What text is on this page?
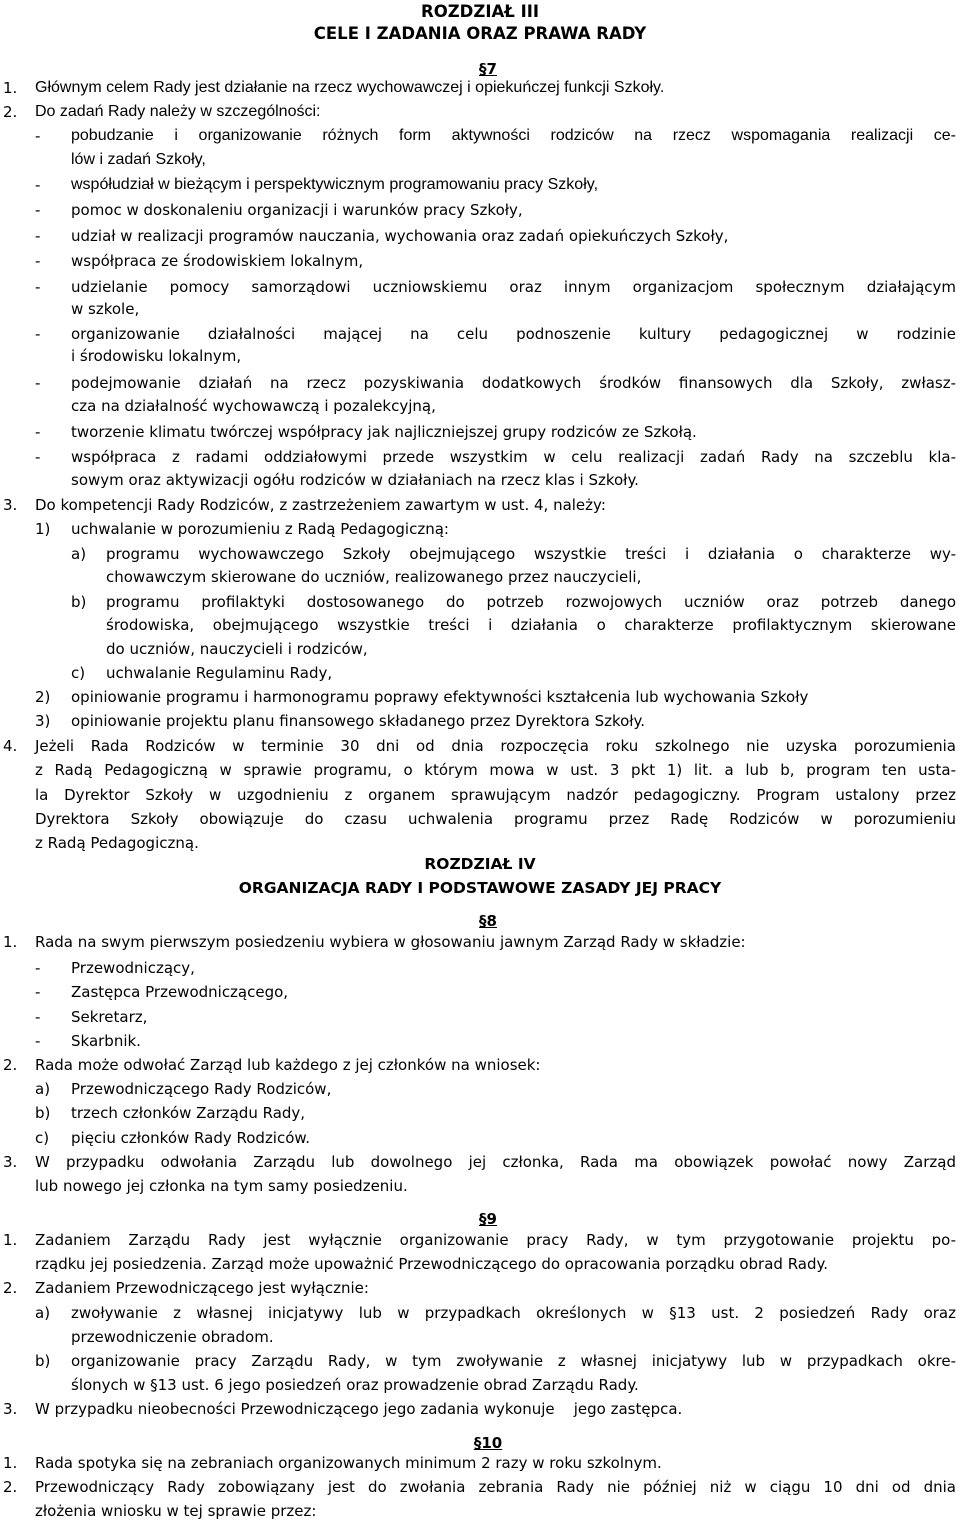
ROZDZIAŁ III
CELE I ZADANIA ORAZ PRAWA RADY
§7
1. Głównym celem Rady jest działanie na rzecz wychowawczej i opiekuńczej funkcji Szkoły.
2. Do zadań Rady należy w szczególności:
- pobudzanie i organizowanie różnych form aktywności rodziców na rzecz wspomagania realizacji ce-
lów i zadań Szkoły,
- współudział w bieżącym i perspektywicznym programowaniu pracy Szkoły,
- pomoc w doskonaleniu organizacji i warunków pracy Szkoły,
- udział w realizacji programów nauczania, wychowania oraz zadań opiekuńczych Szkoły,
- współpraca ze środowiskiem lokalnym,
- udzielanie pomocy samorządowi uczniowskiemu oraz innym organizacjom społecznym działającym
w szkole,
- organizowanie działalności mającej na celu podnoszenie kultury pedagogicznej w rodzinie
i środowisku lokalnym,
- podejmowanie działań na rzecz pozyskiwania dodatkowych środków finansowych dla Szkoły, zwłasz-
cza na działalność wychowawczą i pozalekcyjną,
- tworzenie klimatu twórczej współpracy jak najliczniejszej grupy rodziców ze Szkołą.
- współpraca z radami oddziałowymi przede wszystkim w celu realizacji zadań Rady na szczeblu kla-
sowym oraz aktywizacji ogółu rodziców w działaniach na rzecz klas i Szkoły.
3. Do kompetencji Rady Rodziców, z zastrzeżeniem zawartym w ust. 4, należy:
1) uchwalanie w porozumieniu z Radą Pedagogiczną:
a) programu wychowawczego Szkoły obejmującego wszystkie treści i działania o charakterze wy-
chowawczym skierowane do uczniów, realizowanego przez nauczycieli,
b) programu profilaktyki dostosowanego do potrzeb rozwojowych uczniów oraz potrzeb danego
środowiska, obejmującego wszystkie treści i działania o charakterze profilaktycznym skierowane
do uczniów, nauczycieli i rodziców,
c) uchwalanie Regulaminu Rady,
2) opiniowanie programu i harmonogramu poprawy efektywności kształcenia lub wychowania Szkoły
3) opiniowanie projektu planu finansowego składanego przez Dyrektora Szkoły.
4. Jeżeli Rada Rodziców w terminie 30 dni od dnia rozpoczęcia roku szkolnego nie uzyska porozumienia
z Radą Pedagogiczną w sprawie programu, o którym mowa w ust. 3 pkt 1) lit. a lub b, program ten usta-
la Dyrektor Szkoły w uzgodnieniu z organem sprawującym nadzór pedagogiczny. Program ustalony przez
Dyrektora Szkoły obowiązuje do czasu uchwalenia programu przez Radę Rodziców w porozumieniu
z Radą Pedagogiczną.
ROZDZIAŁ IV
ORGANIZACJA RADY I PODSTAWOWE ZASADY JEJ PRACY
§8
1. Rada na swym pierwszym posiedzeniu wybiera w głosowaniu jawnym Zarząd Rady w składzie:
- Przewodniczący,
- Zastępca Przewodniczącego,
- Sekretarz,
- Skarbnik.
2. Rada może odwołać Zarząd lub każdego z jej członków na wniosek:
a) Przewodniczącego Rady Rodziców,
b) trzech członków Zarządu Rady,
c) pięciu członków Rady Rodziców.
3. W przypadku odwołania Zarządu lub dowolnego jej członka, Rada ma obowiązek powołać nowy Zarząd
lub nowego jej członka na tym samy posiedzeniu.
§9
1. Zadaniem Zarządu Rady jest wyłącznie organizowanie pracy Rady, w tym przygotowanie projektu po-
rządku jej posiedzenia. Zarząd może upoważnić Przewodniczącego do opracowania porządku obrad Rady.
2. Zadaniem Przewodniczącego jest wyłącznie:
a) zwoływanie z własnej inicjatywy lub w przypadkach określonych w §13 ust. 2 posiedzeń Rady oraz
przewodniczenie obradom.
b) organizowanie pracy Zarządu Rady, w tym zwoływanie z własnej inicjatywy lub w przypadkach okre-
ślonych w §13 ust. 6 jego posiedzeń oraz prowadzenie obrad Zarządu Rady.
3. W przypadku nieobecności Przewodniczącego jego zadania wykonuje    jego zastępca.
§10
1. Rada spotyka się na zebraniach organizowanych minimum 2 razy w roku szkolnym.
2. Przewodniczący Rady zobowiązany jest do zwołania zebrania Rady nie później niż w ciągu 10 dni od dnia
złożenia wniosku w tej sprawie przez:
